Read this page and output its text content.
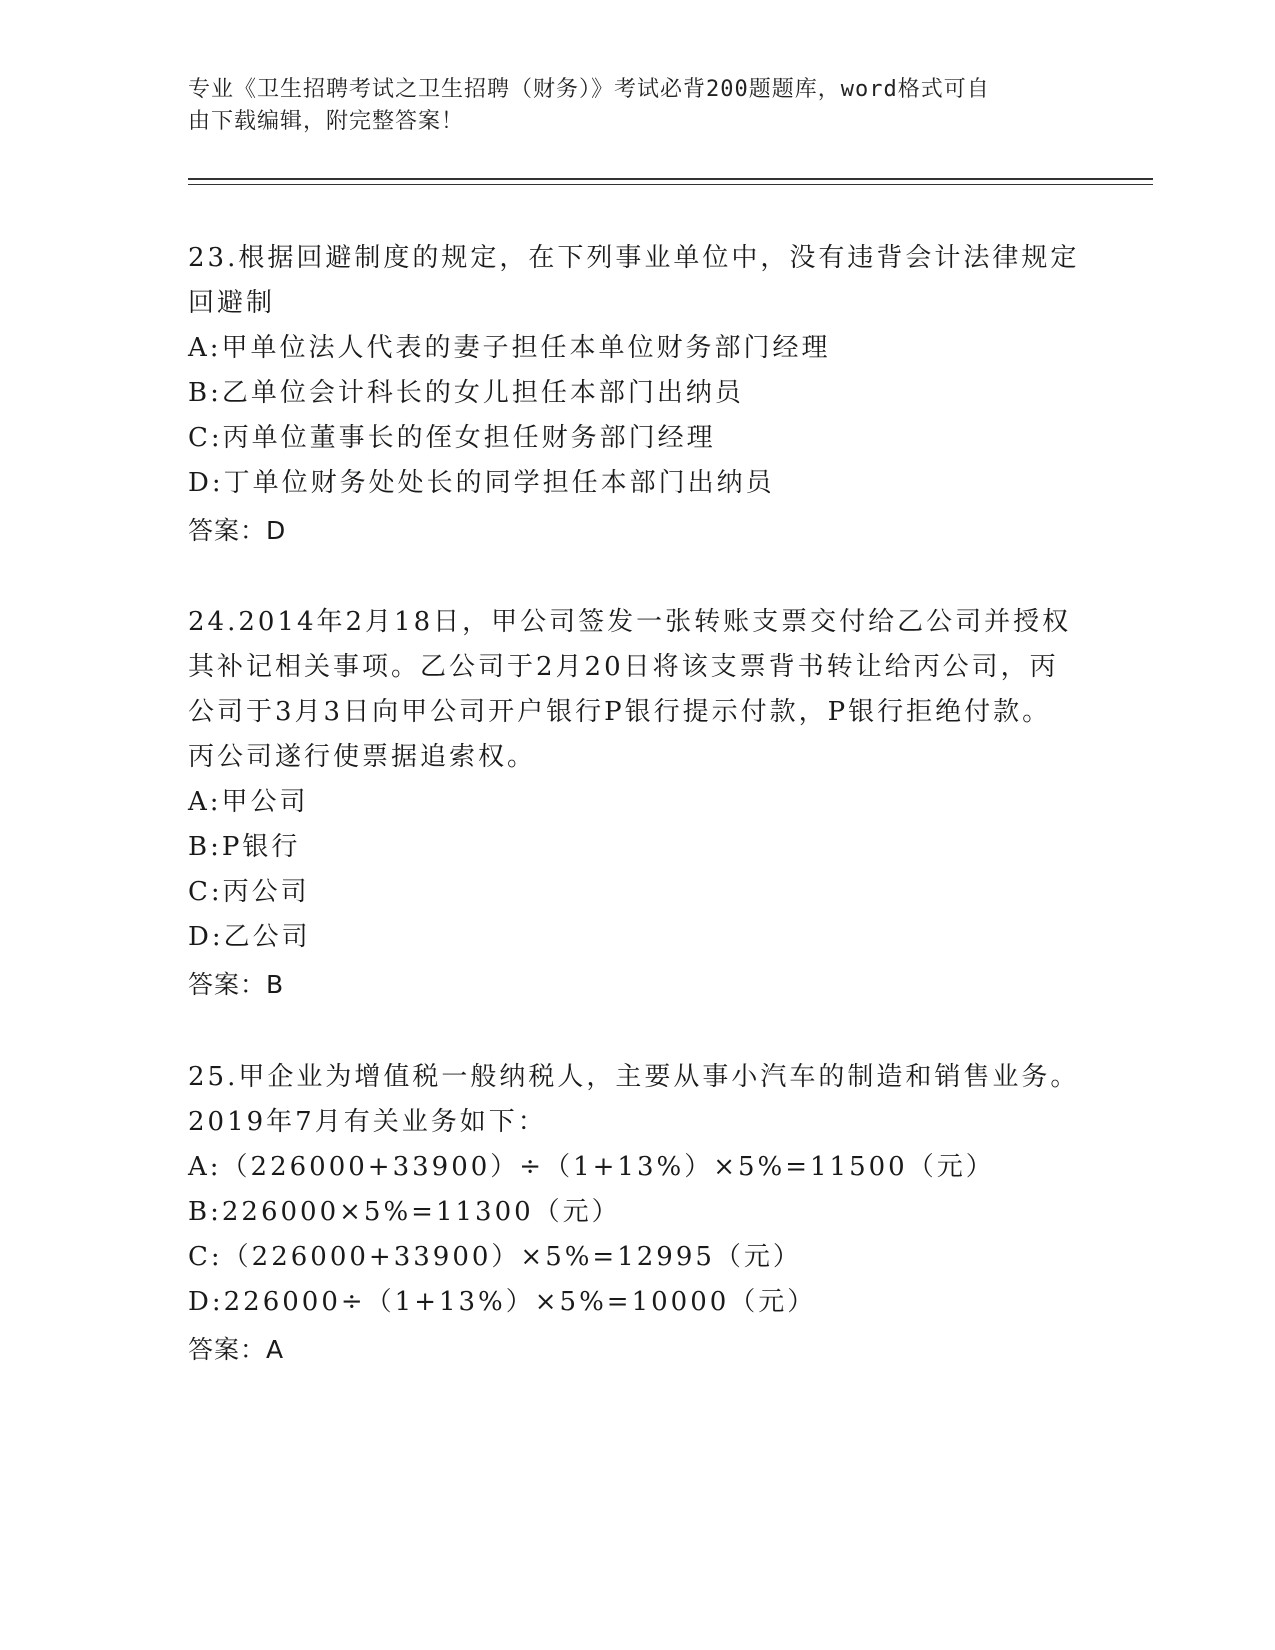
专业《卫生招聘考试之卫生招聘（财务）》考试必背200题题库，word格式可自
由下载编辑，附完整答案！
23.根据回避制度的规定，在下列事业单位中，没有违背会计法律规定
回避制
A: 甲单位法人代表的妻子担任本单位财务部门经理
B: 乙单位会计科长的女儿担任本部门出纳员
C: 丙单位董事长的侄女担任财务部门经理
D: 丁单位财务处处长的同学担任本部门出纳员
答案：D
24.2014年2月18日，甲公司签发一张转账支票交付给乙公司并授权
其补记相关事项。乙公司于2月20日将该支票背书转让给丙公司，丙
公司于3月3日向甲公司开户银行P银行提示付款，P银行拒绝付款。
丙公司遂行使票据追索权。
A: 甲公司
B: P银行
C: 丙公司
D: 乙公司
答案：B
25.甲企业为增值税一般纳税人，主要从事小汽车的制造和销售业务。
2019年7月有关业务如下：
A: （226000+33900）÷（1+13%）×5%=11500（元）
B: 226000×5%=11300（元）
C: （226000+33900）×5%=12995（元）
D: 226000÷（1+13%）×5%=10000（元）
答案：A
